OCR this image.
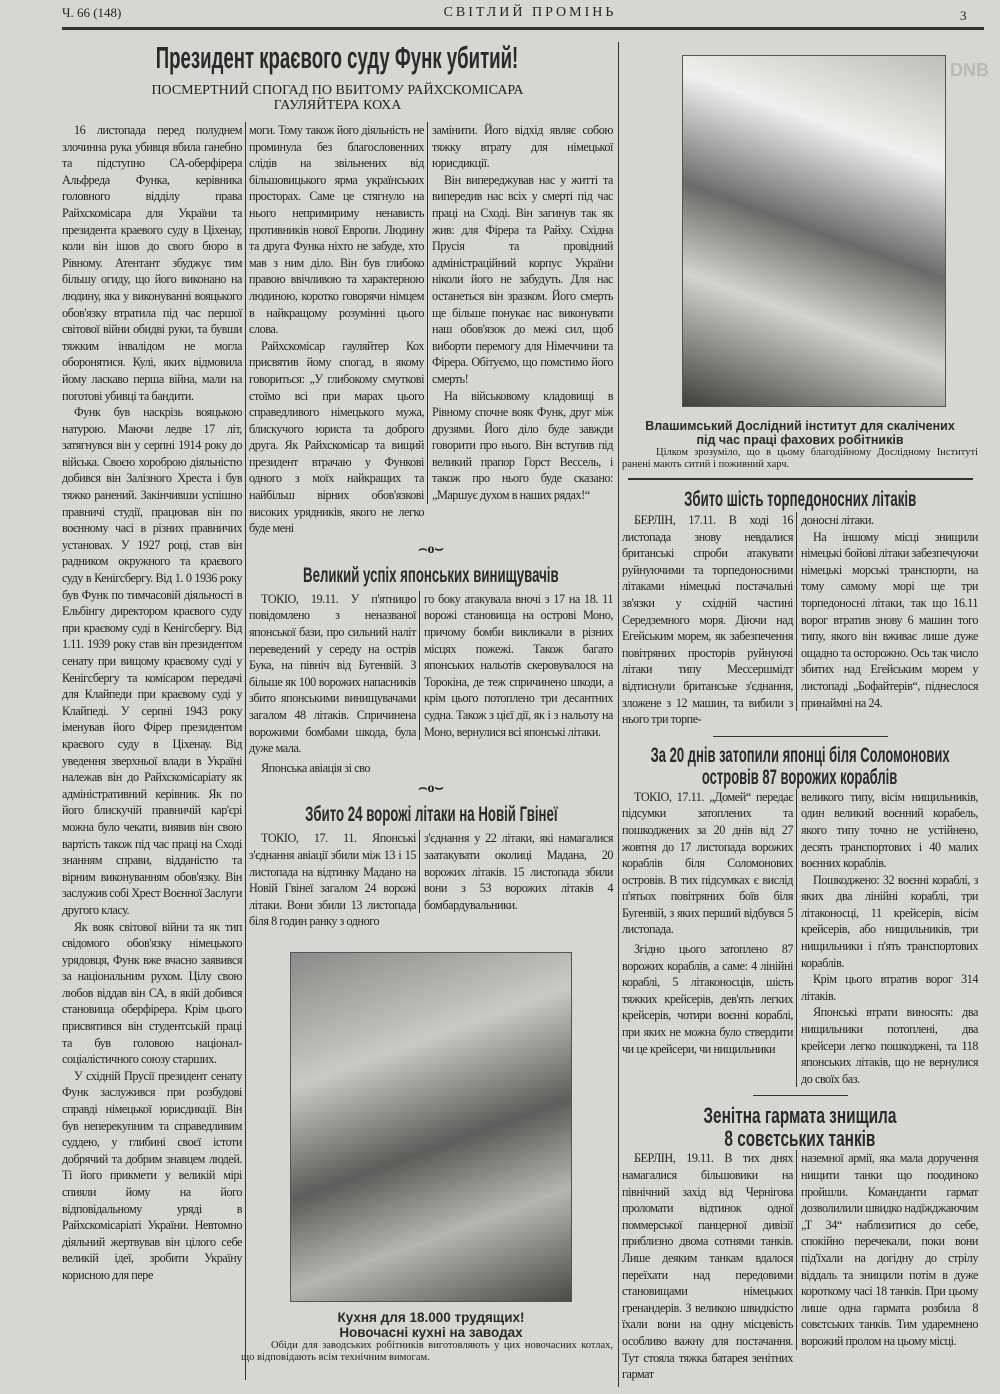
Ч. 66 (148)	СВІТЛИЙ ПРОМІНЬ	3
Президент краєвого суду Функ убитий!
ПОСМЕРТНИЙ СПОГАД ПО ВБИТОМУ РАЙХСКОМІСАРА
ГАУЛЯЙТЕРА КОХА

16 листопада перед полуднем злочинна рука убивця вбила ганебно та підступно СА-оберфірера Альфреда Функа, керівника головного відділу права Райхскомісара для України та президента краевого суду в Ціхенау, коли він ішов до свого бюро в Рівному. Атентант збуджує тим більшу огиду, що його виконано на людину, яка у виконуванні вояцького обов'язку втратила під час першої світової війни обидві руки, та бувши тяжким інвалідом не могла оборонятися. Кулі, яких відмовила йому ласкаво перша війна, мали на поготові убивці та бандити.

Функ був наскрізь вояцькою натурою. Маючи ледве 17 літ, затягнувся він у серпні 1914 року до війська. Своєю хороброю діяльністю добився він Залізного Хреста і був тяжко ранений. Закінчивши успішно правничі студії, працював він по воєнному часі в різних правничих установах. У 1927 році, став він радником окружного та краєвого суду в Кенігсбергу. Від 1. 0 1936 року був Функ по тимчасовій діяльності в Ельбінгу директором краєвого суду при краєвому суді в Кенігсбергу. Від 1.11. 1939 року став він президентом сенату при вищому краєвому суді у Кенігсбергу та комісаром передачі для Клайпеди при краєвому суді у Клайпеді. У серпні 1943 року іменував його Фірер президентом краєвого суду в Ціхенау. Від уведення зверхньої влади в Україні належав він до Райхскомісаріату як адміністративний керівник. Як по його блискучій правничій кар'єрі можна було чекати, виявив він свою вартість також під час праці на Сході знанням справи, відданістю та вірним виконуванням обов'язку. Він заслужив собі Хрест Воєнної Заслуги другого класу.

Як вояк світової війни та як тип свідомого обов'язку німецького урядовця, Функ вже вчасно заявився за національним рухом. Цілу свою любов віддав він СА, в якій добився становища оберфірера. Крім цього присвятився він студентській праці та був головою націонал-соціалістичного союзу старших.

У східній Прусії президент сенату Функ заслужився при розбудові справді німецької юрисдикції. Він був неперекупним та справедливим суддею, у глибині своєї істоти добрячий та добрим знавцем людей. Ті його прикмети у великій мірі спияли йому на його відповідальному уряді в Райхскомісаріаті України. Невтомно діяльний жертвував він цілого себе великій ідеї, зробити Україну корисною для пере

моги. Тому також його діяльність не проминула без благословенних слідів на звільнених від більшовицького ярма українських просторах. Саме це стягнуло на нього непримириму ненависть противників нової Европи. Людину та друга Функа ніхто не забуде, хто мав з ним діло. Він був глибоко правою ввічливою та характерною людиною, коротко говорячи німцем в найкращому розумінні цього слова.

Райхскомісар гауляйтер Кох присвятив йому спогад, в якому говориться: „У глибокому смуткові стоїмо всі при марах цього справедливого німецького мужа, блискучого юриста та доброго друга. Як Райхскомісар та вищий президент втрачаю у Функові одного з моїх найкращих та найбільш вірних обов'язкові високих урядників, якого не легко буде мені

замінити. Його відхід являє собою тяжку втрату для німецької юрисдикції.

Він випереджував нас у житті та випередив нас всіх у смерті під час праці на Сході. Він загинув так як жив: для Фірера та Райху. Східна Прусія та провідний адміністраційний корпус України ніколи його не забудуть. Для нас останеться він зразком. Його смерть ще більше понукає нас виконувати наш обов'язок до межі сил, щоб виборти перемогу для Німеччини та Фірера. Обітуємо, що помстимо його смерть!

На військовому кладовищі в Рівному спочне вояк Функ, друг між друзями. Його діло буде завжди говорити про нього. Він вступив під великий прапор Горст Вессель, і також про нього буде сказано: „Маршує духом в наших рядах!“

⌢o⌣
Великий успіх японських винищувачів

ТОКІО, 19.11. У п'ятницю повідомлено з неназваної японської бази, про сильний наліт переведений у середу на острів Бука, на північ від Бугенвій. З більше як 100 ворожих напасників збито японськими винищувачами загалом 48 літаків. Спричинена ворожими бомбами шкода, була дуже мала.

Японська авіація зі сво

го боку атакувала вночі з 17 на 18. 11 ворожі становища на острові Моно, причому бомби викликали в різних місцях пожежі. Також багато японських нальотів скеровувалося на Торокіна, де теж спричинено шкоди, а крім цього потоплено три десантних судна. Також з цієї дії, як і з нальоту на Моно, вернулися всі японські літаки.

⌢o⌣
Збито 24 ворожі літаки на Новій Гвінеї

ТОКІО, 17. 11. Японські з'єднання авіації збили між 13 і 15 листопада на відтинку Мадано на Новій Гвінеї загалом 24 ворожі літаки. Вони збили 13 листопада біля 8 годин ранку з одного

з'єднання у 22 літаки, які намагалися заатакувати околиці Мадана, 20 ворожих літаків. 15 листопада збили вони з 53 ворожих літаків 4 бомбардувальники.

Кухня для 18.000 трудящих!
Новочасні кухні на заводах
Обіди для заводських робітників виготовляють у цих новочасних котлах, що відповідають всім технічним вимогам.
DNB
Влашимський Дослідний інститут для скалічених
під час праці фахових робітників
Цілком зрозуміло, що в цьому благодійному Дослідному Інституті ранені мають ситий і поживний харч.
Збито шість торпедоносних літаків

БЕРЛІН, 17.11. В ході 16 листопада знову невдалися британські спроби атакувати руйнуючими та торпедоносними літаками німецькі постачальні зв'язки у східній частині Середземного моря. Діючи над Егейським морем, як забезпечення повітряних просторів руйнуючі літаки типу Мессершмідт відтиснули британське з'єднання, зложене з 12 машин, та вибили з нього три торпе-

доносні літаки.

На іншому місці знищили німецькі бойові літаки забезпечуючи німецькі морські транспорти, на тому самому морі ще три торпедоносні літаки, так що 16.11 ворог втратив знову 6 машин того типу, якого він вживає лише дуже ощадно та осторожно. Ось так число збитих над Егейським морем у листопаді „Бофайтерів“, піднеслося принаймні на 24.

За 20 днів затопили японці біля Соломонових
островів 87 ворожих кораблів

ТОКІО, 17.11. „Домей“ передає підсумки затоплених та пошкоджених за 20 днів від 27 жовтня до 17 листопада ворожих кораблів біля Соломонових островів. В тих підсумках є вислід п'ятьох повітряних боїв біля Бугенвій, з яких перший відбувся 5 листопада.

Згідно цього затоплено 87 ворожих кораблів, а саме: 4 лінійні кораблі, 5 літаконосців, шість тяжких крейсерів, дев'ять легких крейсерів, чотири воєнні кораблі, при яких не можна було ствердити чи це крейсери, чи нищильники

великого типу, вісім нищильників, один великий воєнний корабель, якого типу точно не устійнено, десять транспортових і 40 малих воєнних кораблів.

Пошкоджено: 32 воєнні кораблі, з яких два лінійні кораблі, три літаконосці, 11 крейсерів, вісім крейсерів, або нищильників, три нищильники і п'ять транспортових кораблів.

Крім цього втратив ворог 314 літаків.

Японські втрати виносять: два нищильники потоплені, два крейсери легко пошкоджені, та 118 японських літаків, що не вернулися до своїх баз.

Зенітна гармата знищила
8 совєтських танків

БЕРЛІН, 19.11. В тих днях намагалися більшовики на північний захід від Чернігова проломати відтинок одної поммерської панцерної дивізії приблизно двома сотнями танків. Лише деяким танкам вдалося переїхати над передовими становищами німецьких гренандерів. З великою швидкістю їхали вони на одну місцевість особливо важну для постачання. Тут стояла тяжка батарея зенітних гармат

наземної армії, яка мала доручення нищити танки що поодиноко пройшли. Команданти гармат дозволилили швидко надїжджаючим „Т 34“ наблизитися до себе, спокійно перечекали, поки вони під'їхали на догідну до стрілу віддаль та знищили потім в дуже короткому часі 18 танків. При цьому лише одна гармата розбила 8 совєтських танків. Тим ударемнено ворожий пролом на цьому місці.
